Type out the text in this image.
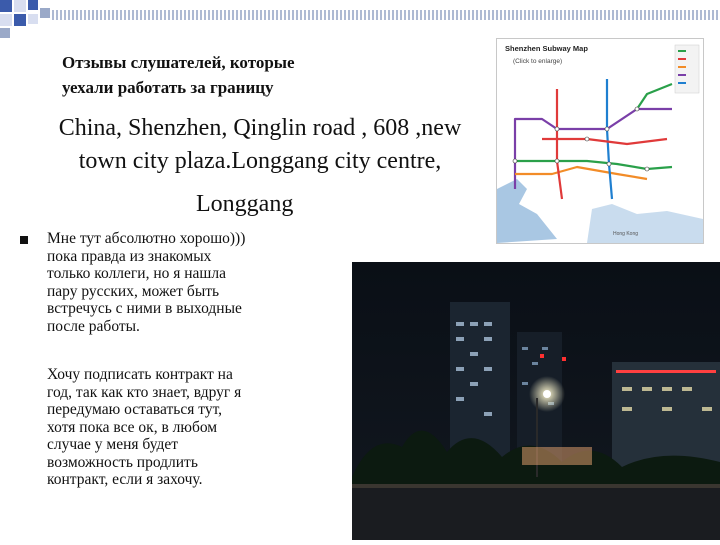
Отзывы слушателей, которые
уехали работать за границу
China, Shenzhen, Qinglin road , 608 ,new
town city plaza.Longgang city centre,
Longgang
Мне тут абсолютно хорошо)))
пока правда из знакомых
только коллеги, но я нашла
пару русских, может быть
встречусь с ними в выходные
после работы.
Хочу подписать контракт на
год, так как кто знает, вдруг я
передумаю оставаться тут,
хотя пока все ок, в любом
случае у меня будет
возможность продлить
контракт, если я захочу.
Shenzhen Subway Map
(Click to enlarge)
Hong Kong
